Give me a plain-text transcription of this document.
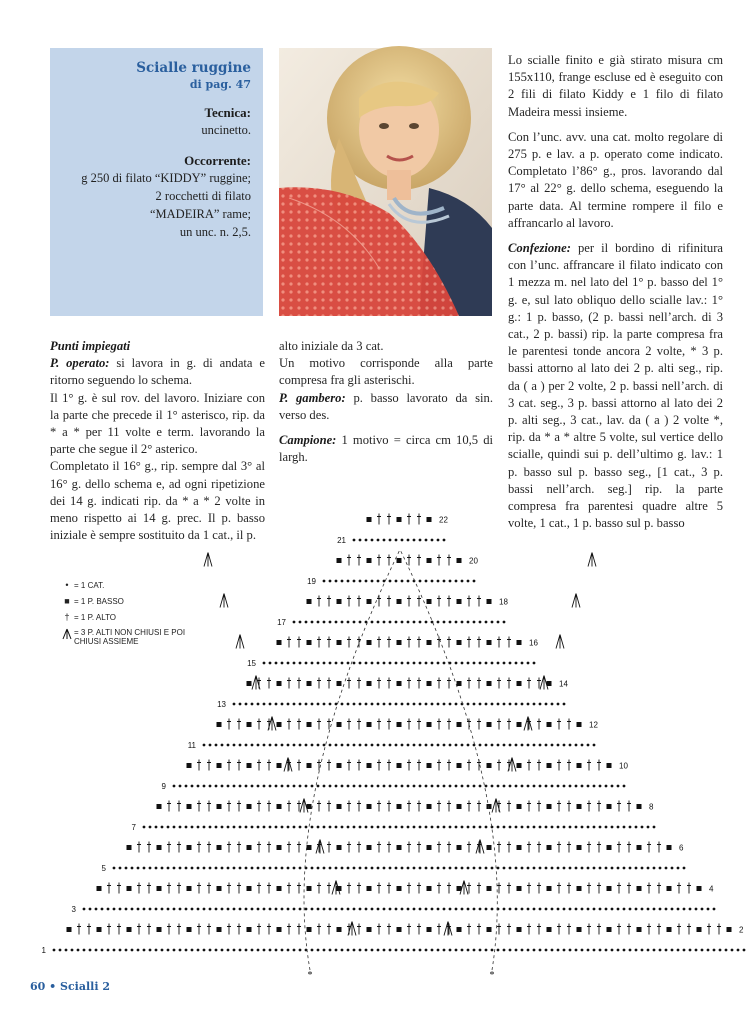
Scialle ruggine
di pag. 47
Tecnica:
uncinetto.
Occorrente:
g 250 di filato “KIDDY” ruggine;
2 rocchetti di filato
“MADEIRA” rame;
un unc. n. 2,5.

Lo scialle finito e già stirato misura cm 155x110, frange escluse ed è eseguito con 2 fili di filato Kiddy e 1 filo di filato Madeira messi insieme.

Con l’unc. avv. una cat. molto regolare di 275 p. e lav. a p. operato come indicato. Completato l’86° g., pros. lavorando dal 17° al 22° g. dello schema, eseguendo la parte data. Al termine rompere il filo e affrancarlo al lavoro.

Confezione: per il bordino di rifinitura con l’unc. affrancare il filato indicato con 1 mezza m. nel lato del 1° p. basso del 1° g. e, sul lato obliquo dello scialle lav.: 1° g.: 1 p. basso, (2 p. bassi nell’arch. di 3 cat., 2 p. bassi) rip. la parte compresa fra le parentesi tonde ancora 2 volte, * 3 p. bassi attorno al lato dei 2 p. alti seg., rip. da ( a ) per 2 volte, 2 p. bassi nell’arch. di 3 cat. seg., 3 p. bassi attorno al lato dei 2 p. alti seg., 3 cat., lav. da ( a ) 2 volte *, rip. da * a * altre 5 volte, sul vertice dello scialle, quindi sui p. dell’ultimo g. lav.: 1 p. basso sul p. basso seg., [1 cat., 3 p. bassi nell’arch. seg.] rip. la parte compresa fra parentesi quadre altre 5 volte, 1 cat., 1 p. basso sul p. basso

Punti impiegati

P. operato: si lavora in g. di andata e ritorno seguendo lo schema.

Il 1° g. è sul rov. del lavoro. Iniziare con la parte che precede il 1° asterisco, rip. da * a * per 11 volte e term. lavorando la parte che segue il 2° asterico.

Completato il 16° g., rip. sempre dal 3° al 16° g. dello schema e, ad ogni ripetizione dei 14 g. indicati rip. da * a * 2 volte in meno rispetto ai 14 g. prec. Il p. basso iniziale è sempre sostituito da 1 cat., il p.

alto iniziale da 3 cat.

Un motivo corrisponde alla parte compresa fra gli asterischi.

P. gambero: p. basso lavorato da sin. verso des.

Campione: 1 motivo = circa cm 10,5 di largh.

• = 1 CAT.
■ = 1 P. BASSO
† = 1 P. ALTO
= 3 P. ALTI NON CHIUSI E POI CHIUSI ASSIEME
1
2
3
4
5
6
7
8
9
10
11
12
13
14
15
16
17
18
19
20
21
22
*	*
60 • Scialli 2
